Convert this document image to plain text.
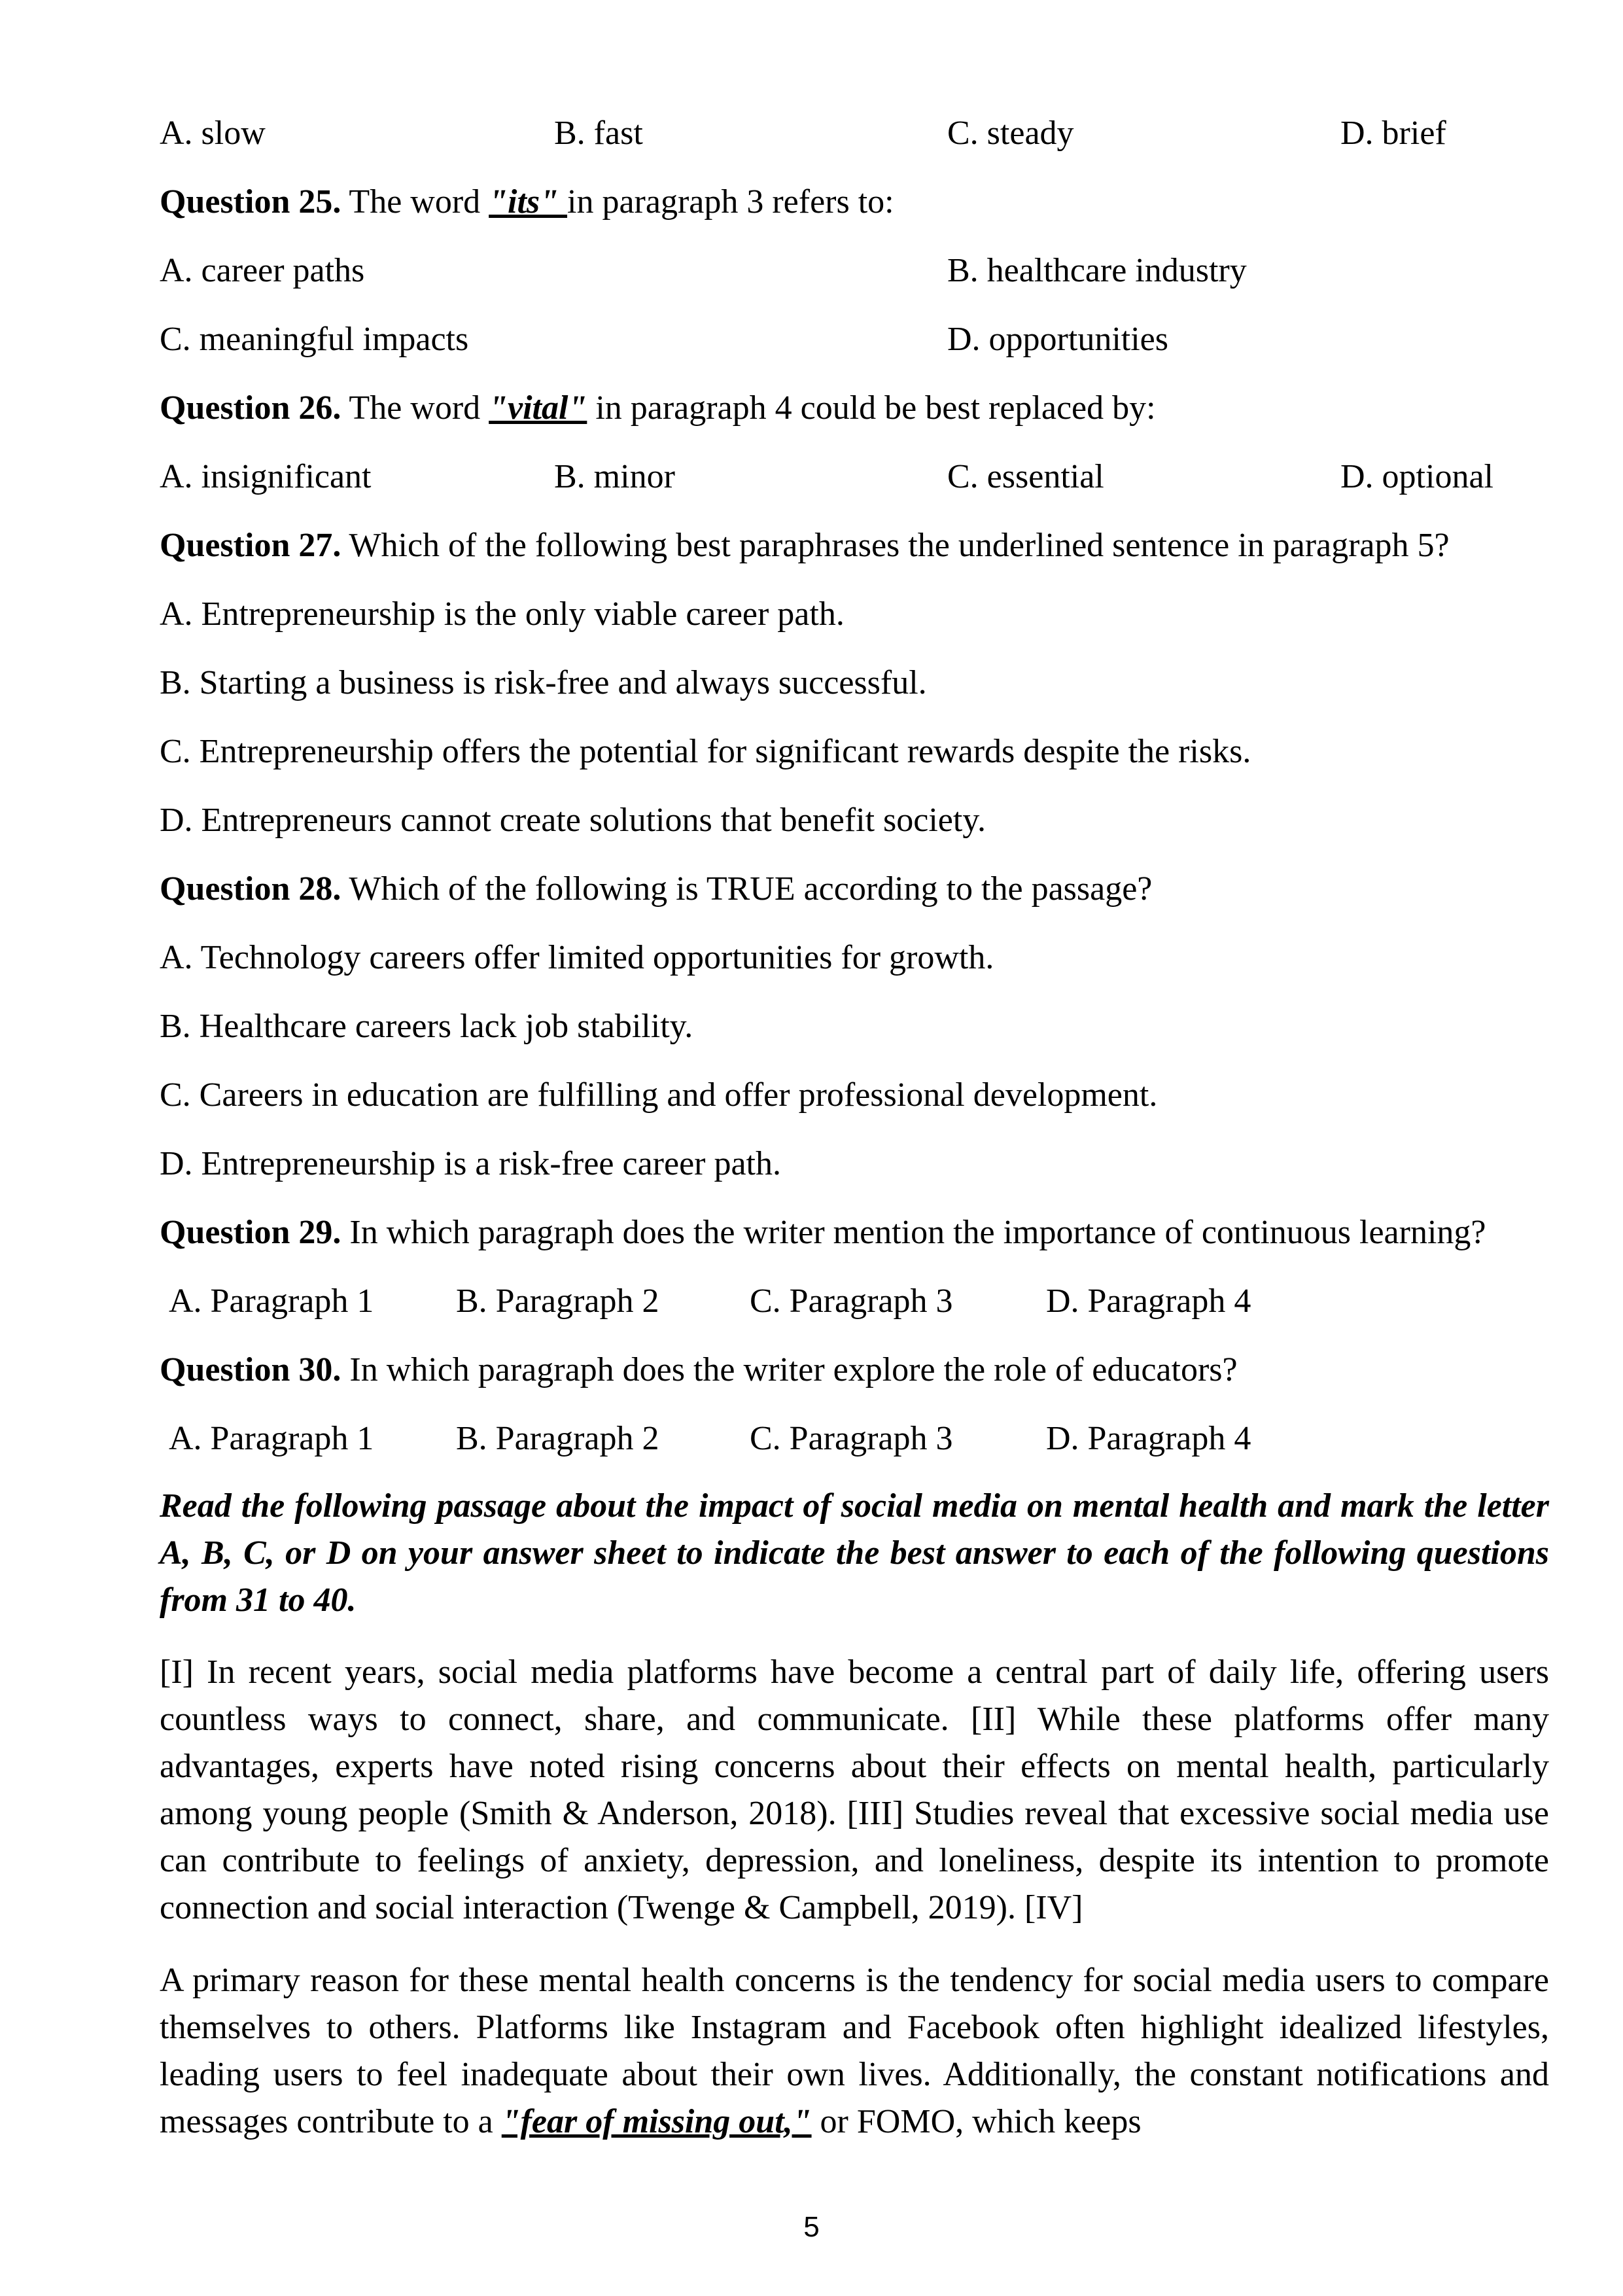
A. slow	B. fast	C. steady	D. brief
Question 25. The word "its" in paragraph 3 refers to:
A. career paths	B. healthcare industry
C. meaningful impacts	D. opportunities
Question 26. The word "vital" in paragraph 4 could be best replaced by:
A. insignificant	B. minor	C. essential	D. optional
Question 27. Which of the following best paraphrases the underlined sentence in paragraph 5?
A. Entrepreneurship is the only viable career path.
B. Starting a business is risk-free and always successful.
C. Entrepreneurship offers the potential for significant rewards despite the risks.
D. Entrepreneurs cannot create solutions that benefit society.
Question 28. Which of the following is TRUE according to the passage?
A. Technology careers offer limited opportunities for growth.
B. Healthcare careers lack job stability.
C. Careers in education are fulfilling and offer professional development.
D. Entrepreneurship is a risk-free career path.
Question 29. In which paragraph does the writer mention the importance of continuous learning?
A. Paragraph 1 B. Paragraph 2	C. Paragraph 3	D. Paragraph 4
Question 30. In which paragraph does the writer explore the role of educators?
A. Paragraph 1 B. Paragraph 2	C. Paragraph 3	D. Paragraph 4
Read the following passage about the impact of social media on mental health and mark the letter A, B, C, or D on your answer sheet to indicate the best answer to each of the following questions from 31 to 40.
[I] In recent years, social media platforms have become a central part of daily life, offering users countless ways to connect, share, and communicate. [II] While these platforms offer many advantages, experts have noted rising concerns about their effects on mental health, particularly among young people (Smith & Anderson, 2018). [III] Studies reveal that excessive social media use can contribute to feelings of anxiety, depression, and loneliness, despite its intention to promote connection and social interaction (Twenge & Campbell, 2019). [IV]
A primary reason for these mental health concerns is the tendency for social media users to compare themselves to others. Platforms like Instagram and Facebook often highlight idealized lifestyles, leading users to feel inadequate about their own lives. Additionally, the constant notifications and messages contribute to a "fear of missing out," or FOMO, which keeps
5
